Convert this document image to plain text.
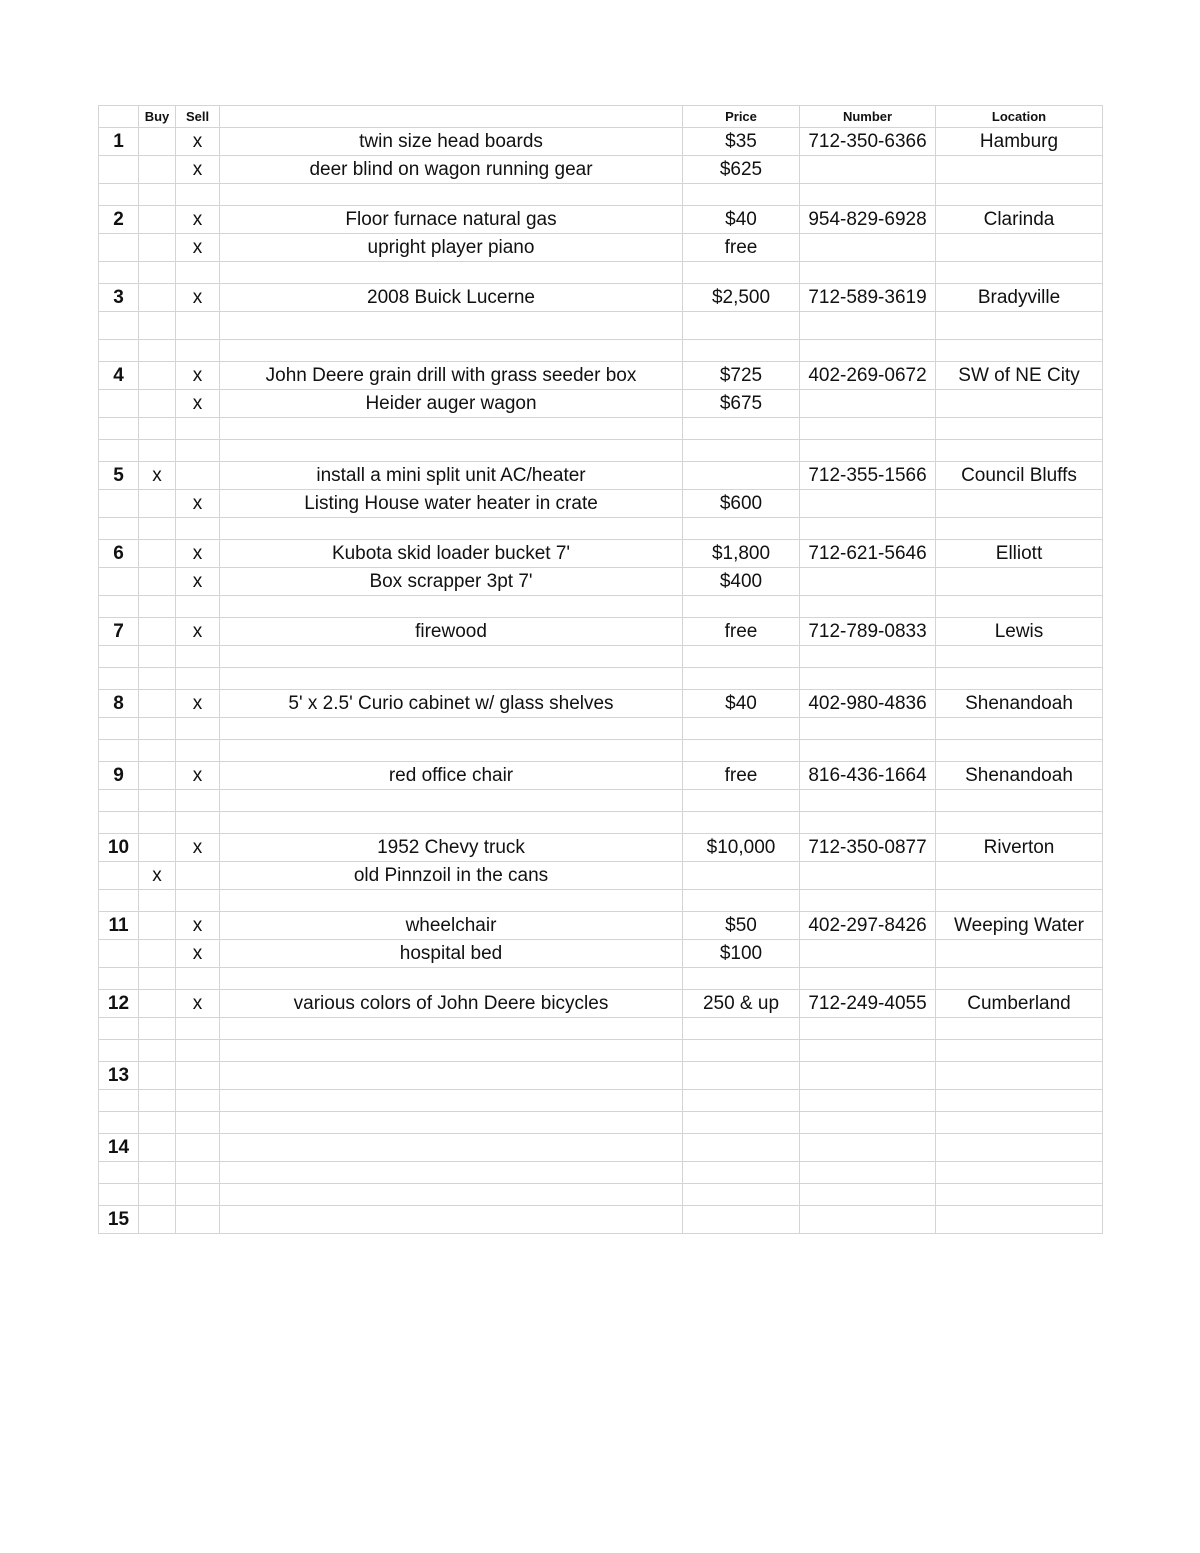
	Buy	Sell		Price	Number	Location
1		x	twin size head boards	$35	712-350-6366	Hamburg
		x	deer blind on wagon running gear	$625		

2		x	Floor furnace natural gas	$40	954-829-6928	Clarinda
		x	upright player piano	free		

3		x	2008 Buick Lucerne	$2,500	712-589-3619	Bradyville

4		x	John Deere grain drill with grass seeder box	$725	402-269-0672	SW of NE City
		x	Heider auger wagon	$675		

5	x		install a mini split unit AC/heater		712-355-1566	Council Bluffs
		x	Listing House water heater in crate	$600		

6		x	Kubota skid loader bucket 7'	$1,800	712-621-5646	Elliott
		x	Box scrapper 3pt 7'	$400		

7		x	firewood	free	712-789-0833	Lewis

8		x	5' x 2.5' Curio cabinet w/ glass shelves	$40	402-980-4836	Shenandoah

9		x	red office chair	free	816-436-1664	Shenandoah

10		x	1952 Chevy truck	$10,000	712-350-0877	Riverton
	x		old Pinnzoil in the cans			

11		x	wheelchair	$50	402-297-8426	Weeping Water
		x	hospital bed	$100		

12		x	various colors of John Deere bicycles	250 & up	712-249-4055	Cumberland

13						

14						

15						
